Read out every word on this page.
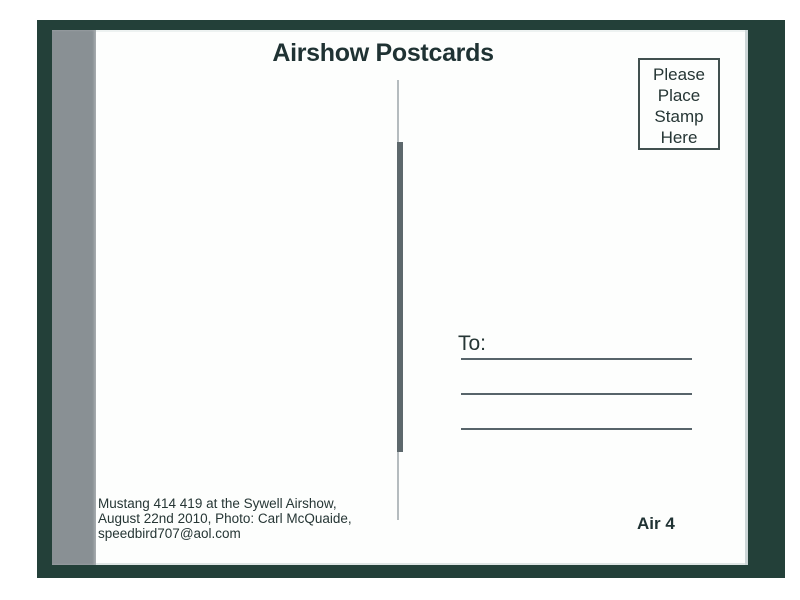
Airshow Postcards
Please
Place
Stamp
Here
To:
Mustang 414 419 at the Sywell Airshow,
August 22nd 2010, Photo: Carl McQuaide,
speedbird707@aol.com
Air 4
